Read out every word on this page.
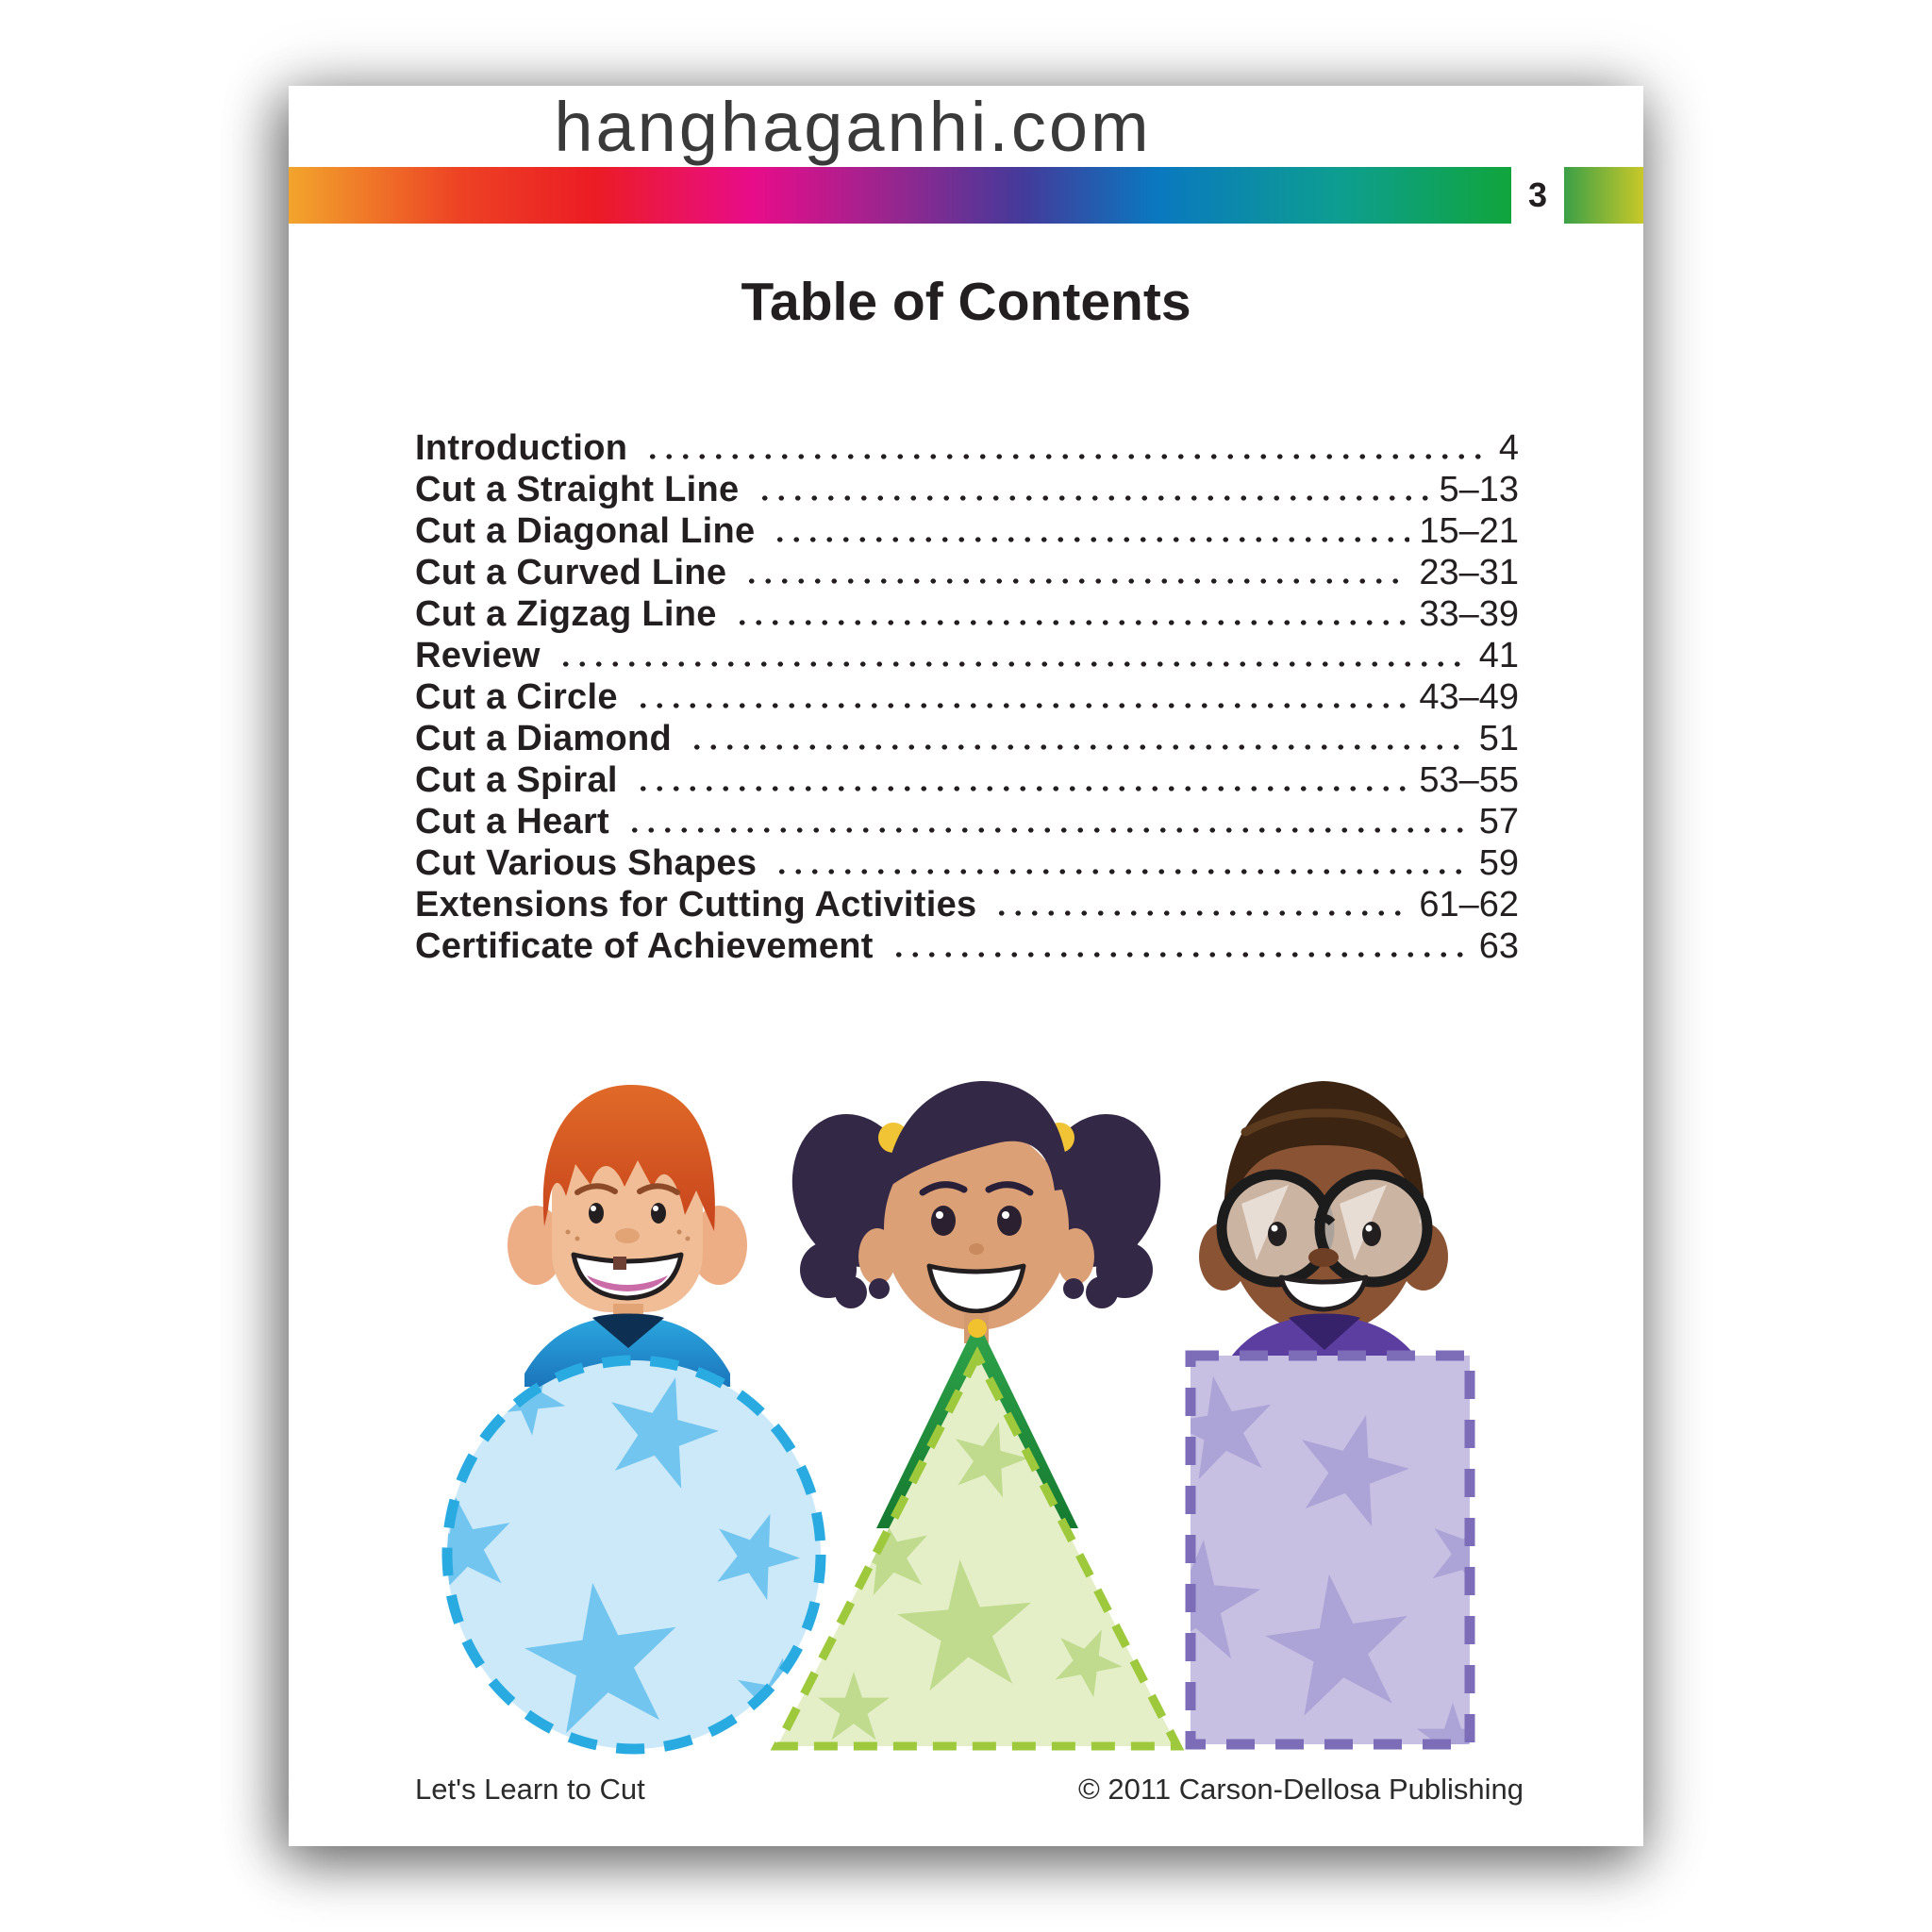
hanghaganhi.com
3
Table of Contents
Introduction	4
Cut a Straight Line	5–13
Cut a Diagonal Line	15–21
Cut a Curved Line	23–31
Cut a Zigzag Line	33–39
Review	41
Cut a Circle	43–49
Cut a Diamond	51
Cut a Spiral	53–55
Cut a Heart	57
Cut Various Shapes	59
Extensions for Cutting Activities	61–62
Certificate of Achievement	63
Let's Learn to Cut	© 2011 Carson-Dellosa Publishing
